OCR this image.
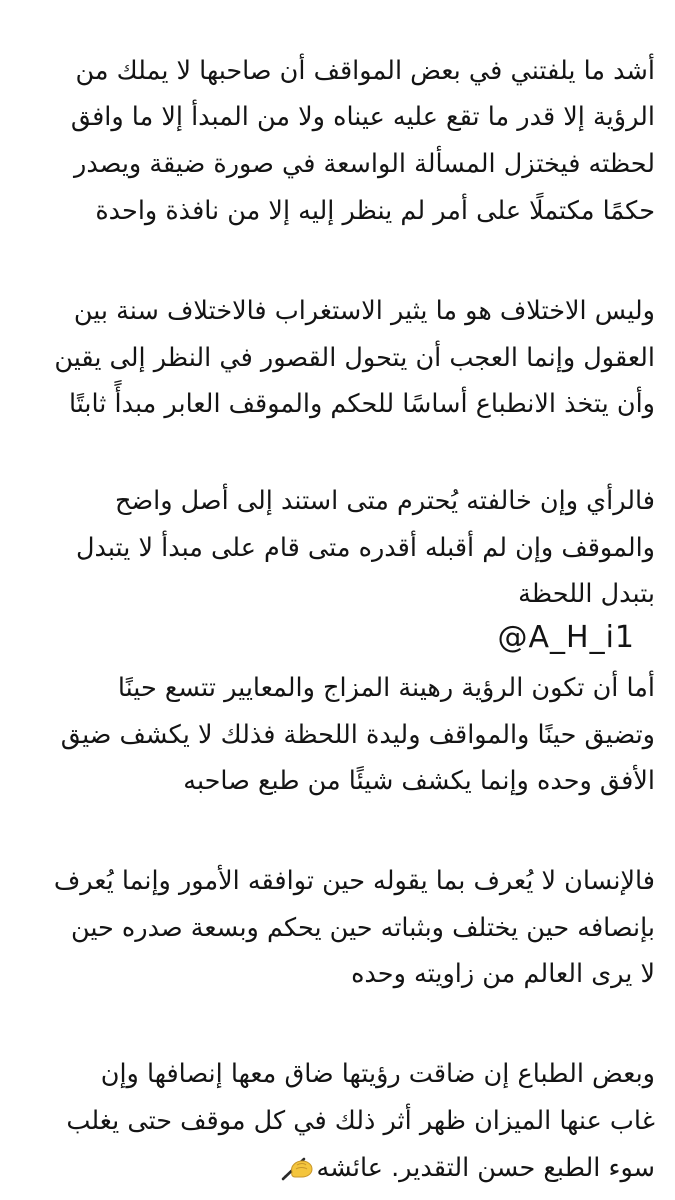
أشد ما يلفتني في بعض المواقف أن صاحبها لا يملك من
الرؤية إلا قدر ما تقع عليه عيناه ولا من المبدأ إلا ما وافق
لحظته فيختزل المسألة الواسعة في صورة ضيقة ويصدر
حكمًا مكتملًا على أمر لم ينظر إليه إلا من نافذة واحدة
وليس الاختلاف هو ما يثير الاستغراب فالاختلاف سنة بين
العقول وإنما العجب أن يتحول القصور في النظر إلى يقين
وأن يتخذ الانطباع أساسًا للحكم والموقف العابر مبدأً ثابتًا
فالرأي وإن خالفته يُحترم متى استند إلى أصل واضح
والموقف وإن لم أقبله أقدره متى قام على مبدأ لا يتبدل
بتبدل اللحظة
@A_H_i1
أما أن تكون الرؤية رهينة المزاج والمعايير تتسع حينًا
وتضيق حينًا والمواقف وليدة اللحظة فذلك لا يكشف ضيق
الأفق وحده وإنما يكشف شيئًا من طبع صاحبه
فالإنسان لا يُعرف بما يقوله حين توافقه الأمور وإنما يُعرف
بإنصافه حين يختلف وبثباته حين يحكم وبسعة صدره حين
لا يرى العالم من زاويته وحده
وبعض الطباع إن ضاقت رؤيتها ضاق معها إنصافها وإن
غاب عنها الميزان ظهر أثر ذلك في كل موقف حتى يغلب
سوء الطبع حسن التقدير. عائشه
